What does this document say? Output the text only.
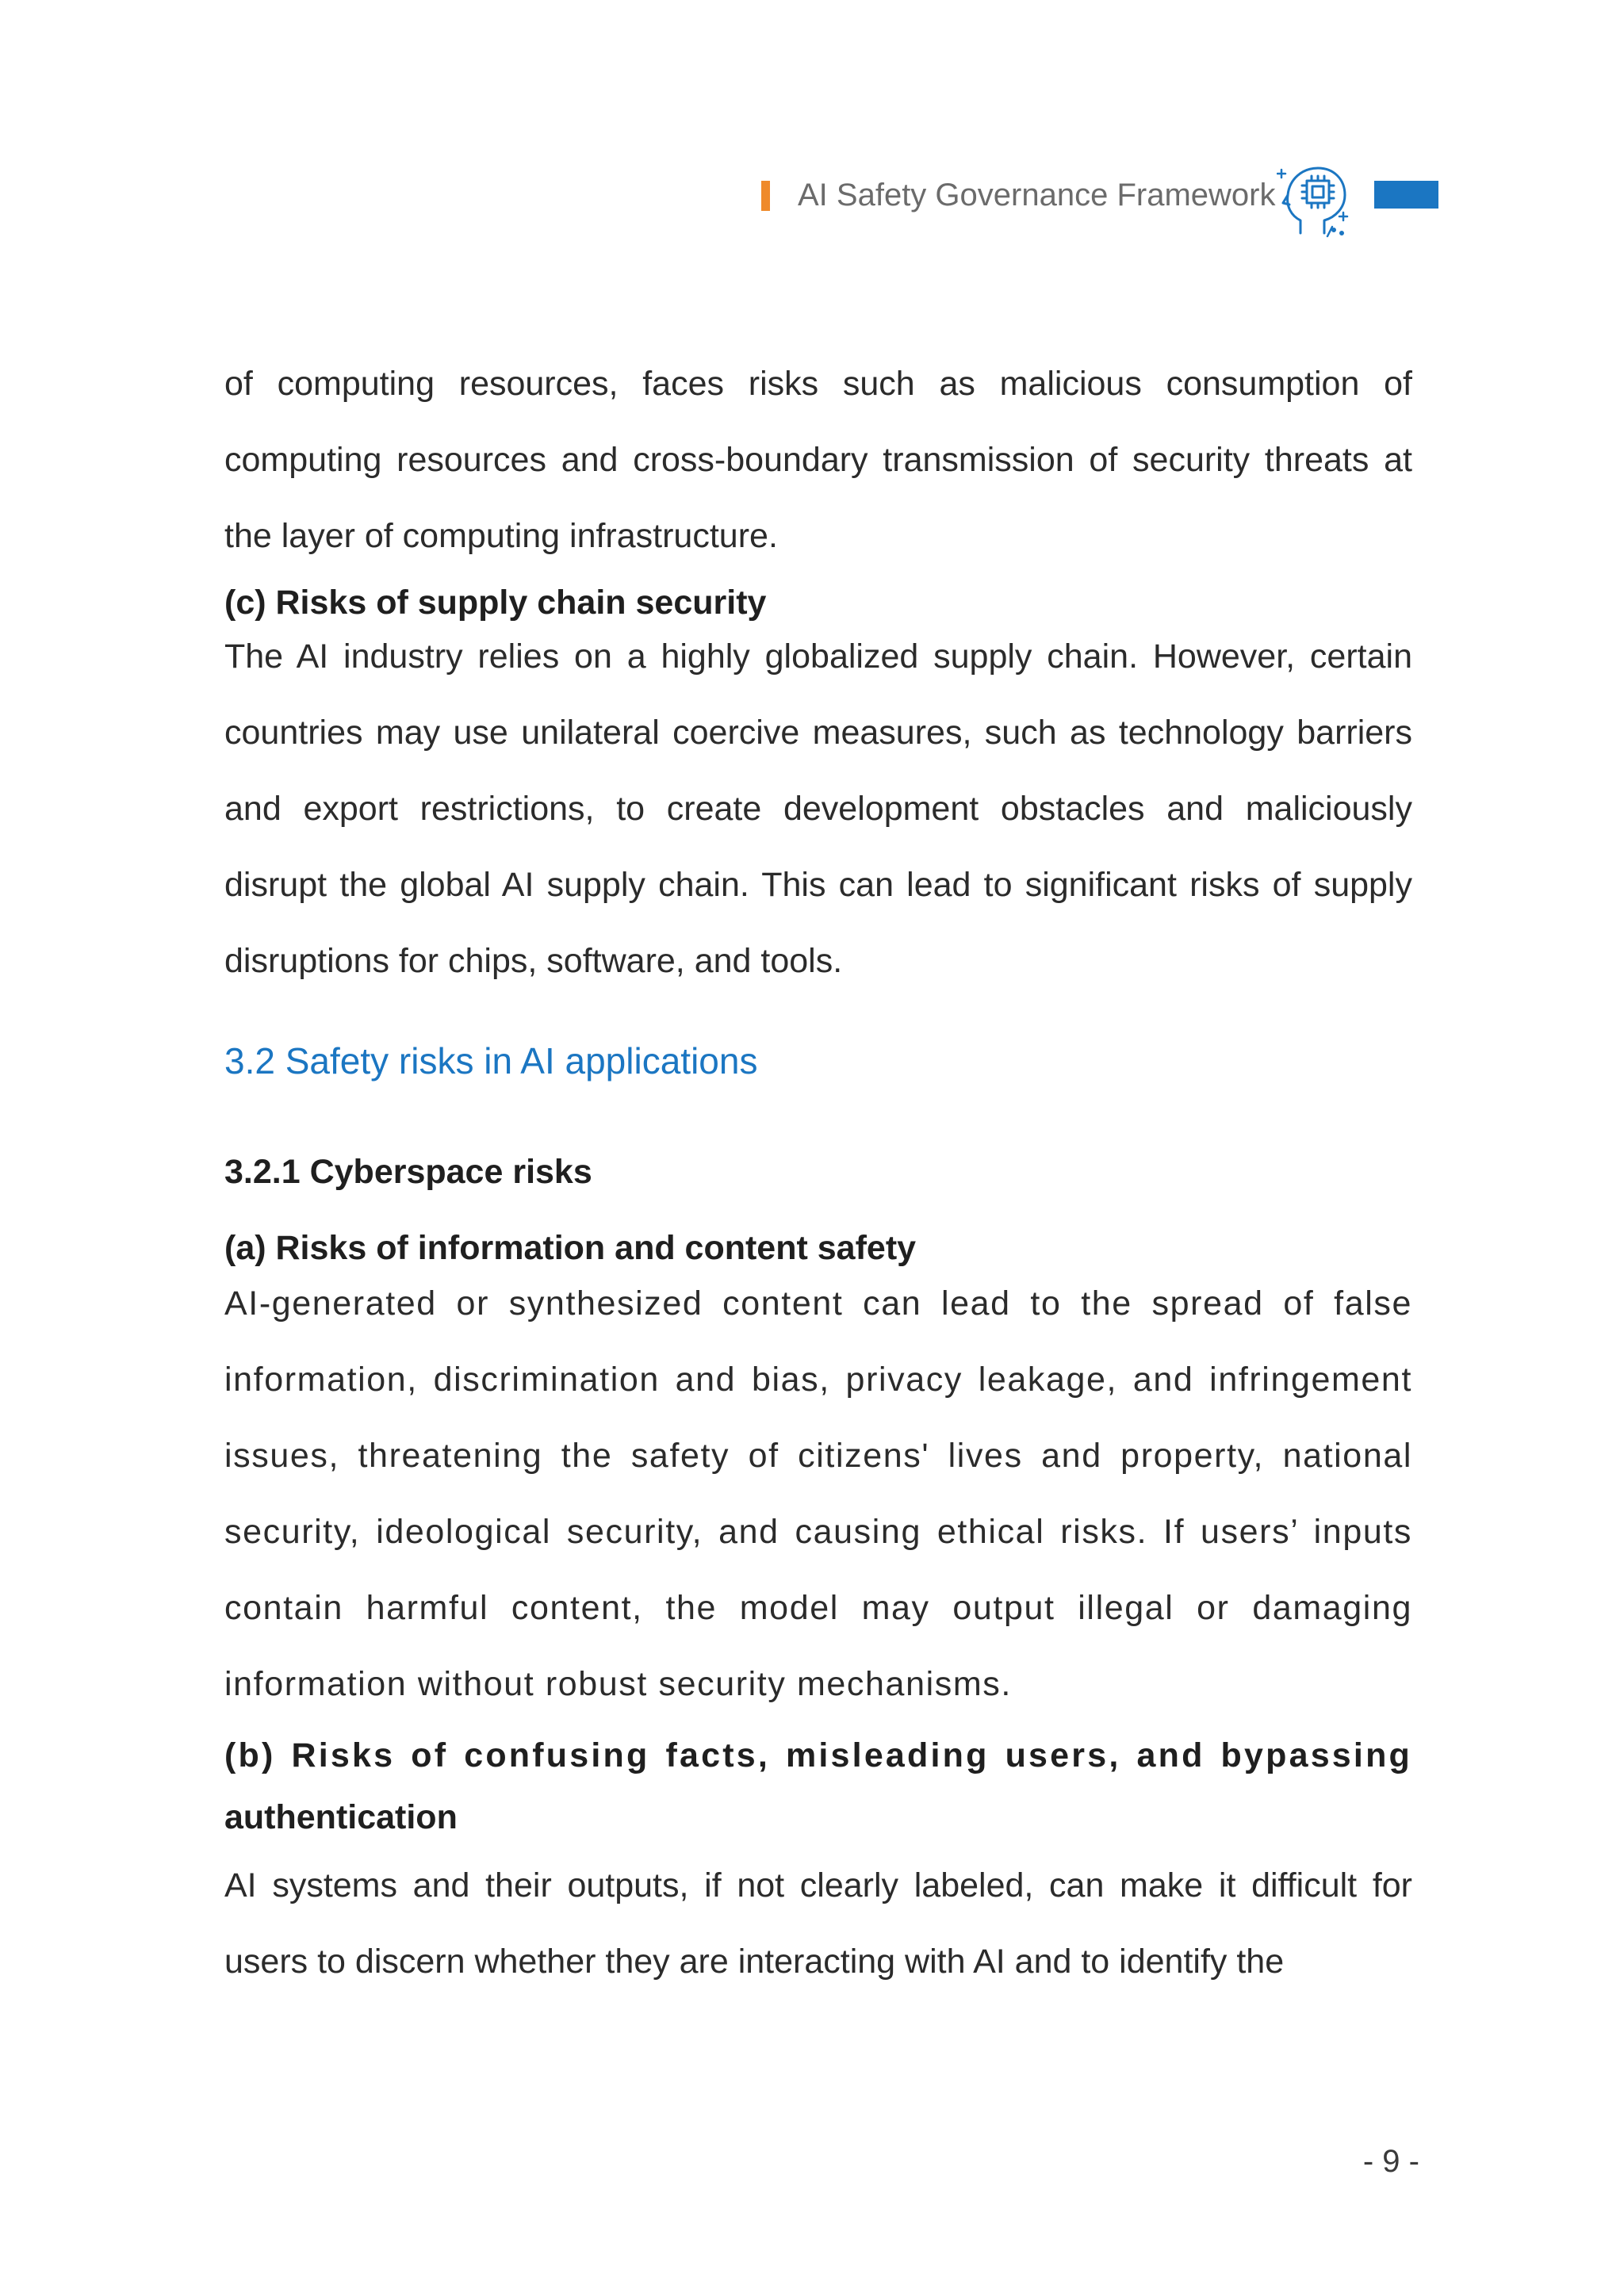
AI Safety Governance Framework

of computing resources, faces risks such as malicious consumption of computing resources and cross-boundary transmission of security threats at the layer of computing infrastructure.

(c) Risks of supply chain security

The AI industry relies on a highly globalized supply chain. However, certain countries may use unilateral coercive measures, such as technology barriers and export restrictions, to create development obstacles and maliciously disrupt the global AI supply chain. This can lead to significant risks of supply disruptions for chips, software, and tools.

3.2 Safety risks in AI applications

3.2.1 Cyberspace risks

(a) Risks of information and content safety

AI-generated or synthesized content can lead to the spread of false information, discrimination and bias, privacy leakage, and infringement issues, threatening the safety of citizens' lives and property, national security, ideological security, and causing ethical risks. If users’ inputs contain harmful content, the model may output illegal or damaging information without robust security mechanisms.

(b) Risks of confusing facts, misleading users, and bypassing

authentication

AI systems and their outputs, if not clearly labeled, can make it difficult for users to discern whether they are interacting with AI and to identify the

- 9 -
